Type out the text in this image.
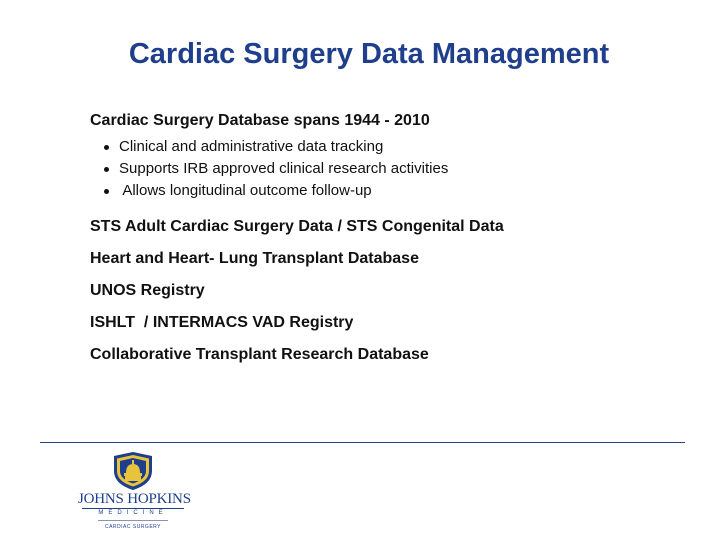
Cardiac Surgery Data Management
Cardiac Surgery Database spans 1944 - 2010
Clinical and administrative data tracking
Supports IRB approved clinical research activities
Allows longitudinal outcome follow-up
STS Adult Cardiac Surgery Data / STS Congenital Data
Heart and Heart- Lung Transplant Database
UNOS Registry
ISHLT  / INTERMACS VAD Registry
Collaborative Transplant Research Database
JOHNS HOPKINS
MEDICINE
CARDIAC SURGERY
